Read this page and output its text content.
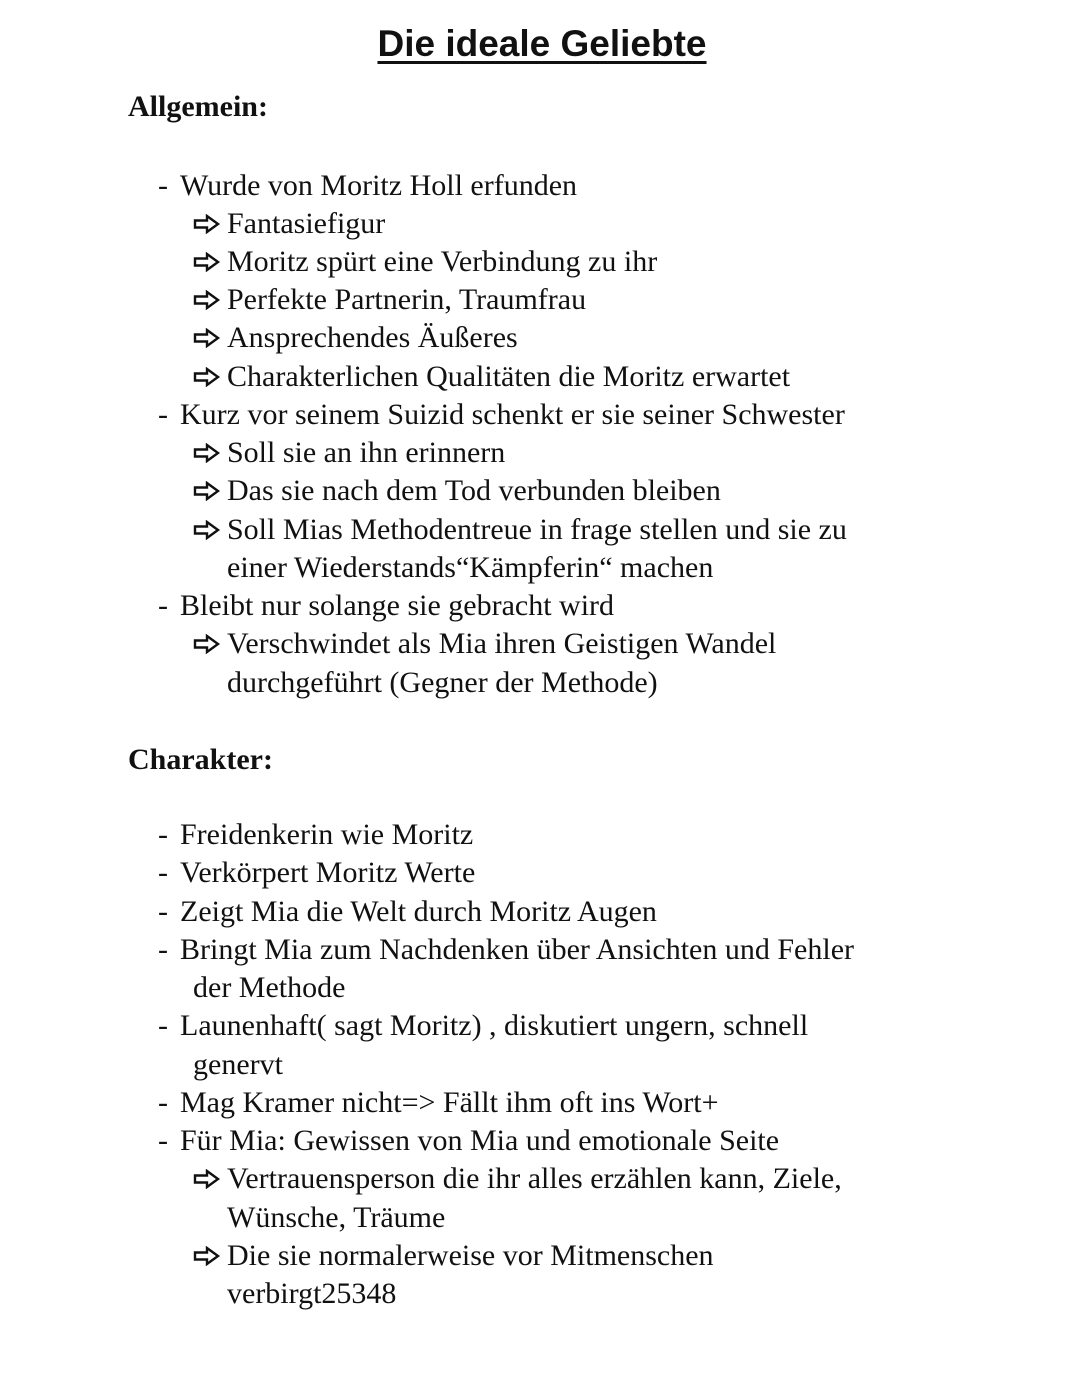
Die ideale Geliebte
Allgemein:
- Wurde von Moritz Holl erfunden
Fantasiefigur
Moritz spürt eine Verbindung zu ihr
Perfekte Partnerin, Traumfrau
Ansprechendes Äußeres
Charakterlichen Qualitäten die Moritz erwartet
- Kurz vor seinem Suizid schenkt er sie seiner Schwester
Soll sie an ihn erinnern
Das sie nach dem Tod verbunden bleiben
Soll Mias Methodentreue in frage stellen und sie zu
einer Wiederstands“Kämpferin“ machen
- Bleibt nur solange sie gebracht wird
Verschwindet als Mia ihren Geistigen Wandel
durchgeführt (Gegner der Methode)
Charakter:
- Freidenkerin wie Moritz
- Verkörpert Moritz Werte
- Zeigt Mia die Welt durch Moritz Augen
- Bringt Mia zum Nachdenken über Ansichten und Fehler
der Methode
- Launenhaft( sagt Moritz) , diskutiert ungern, schnell
genervt
- Mag Kramer nicht=> Fällt ihm oft ins Wort+
- Für Mia: Gewissen von Mia und emotionale Seite
Vertrauensperson die ihr alles erzählen kann, Ziele,
Wünsche, Träume
Die sie normalerweise vor Mitmenschen
verbirgt25348
